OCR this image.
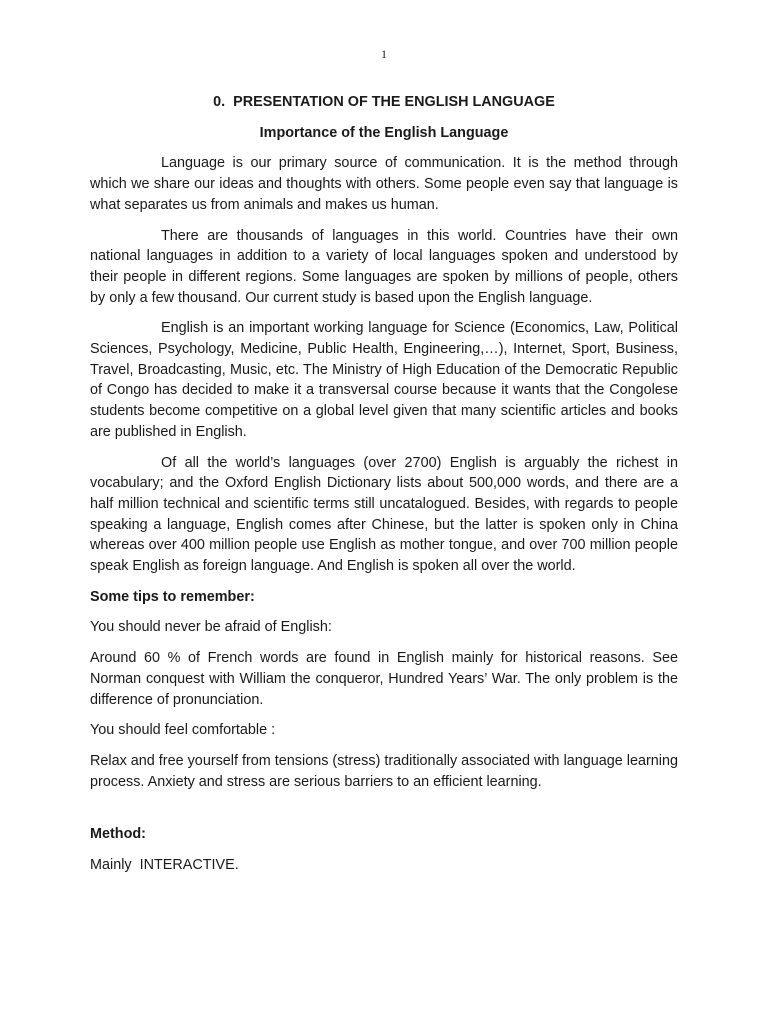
1

0.  PRESENTATION OF THE ENGLISH LANGUAGE

Importance of the English Language

Language is our primary source of communication. It is the method through which we share our ideas and thoughts with others. Some people even say that language is what separates us from animals and makes us human.

There are thousands of languages in this world. Countries have their own national languages in addition to a variety of local languages spoken and understood by their people in different regions. Some languages are spoken by millions of people, others by only a few thousand. Our current study is based upon the English language.

English is an important working language for Science (Economics, Law, Political Sciences, Psychology, Medicine, Public Health, Engineering,…), Internet, Sport, Business, Travel, Broadcasting, Music, etc. The Ministry of High Education of the Democratic Republic of Congo has decided to make it a transversal course because it wants that the Congolese students become competitive on a global level given that many scientific articles and books are published in English.

Of all the world’s languages (over 2700) English is arguably the richest in vocabulary; and the Oxford English Dictionary lists about 500,000 words, and there are a half million technical and scientific terms still uncatalogued. Besides, with regards to people speaking a language, English comes after Chinese, but the latter is spoken only in China whereas over 400 million people use English as mother tongue, and over 700 million people speak English as foreign language. And English is spoken all over the world.

Some tips to remember:

You should never be afraid of English:

Around 60 % of French words are found in English mainly for historical reasons. See Norman conquest with William the conqueror, Hundred Years’ War. The only problem is the difference of pronunciation.

You should feel comfortable :

Relax and free yourself from tensions (stress) traditionally associated with language learning process. Anxiety and stress are serious barriers to an efficient learning.

Method:

Mainly  INTERACTIVE.
